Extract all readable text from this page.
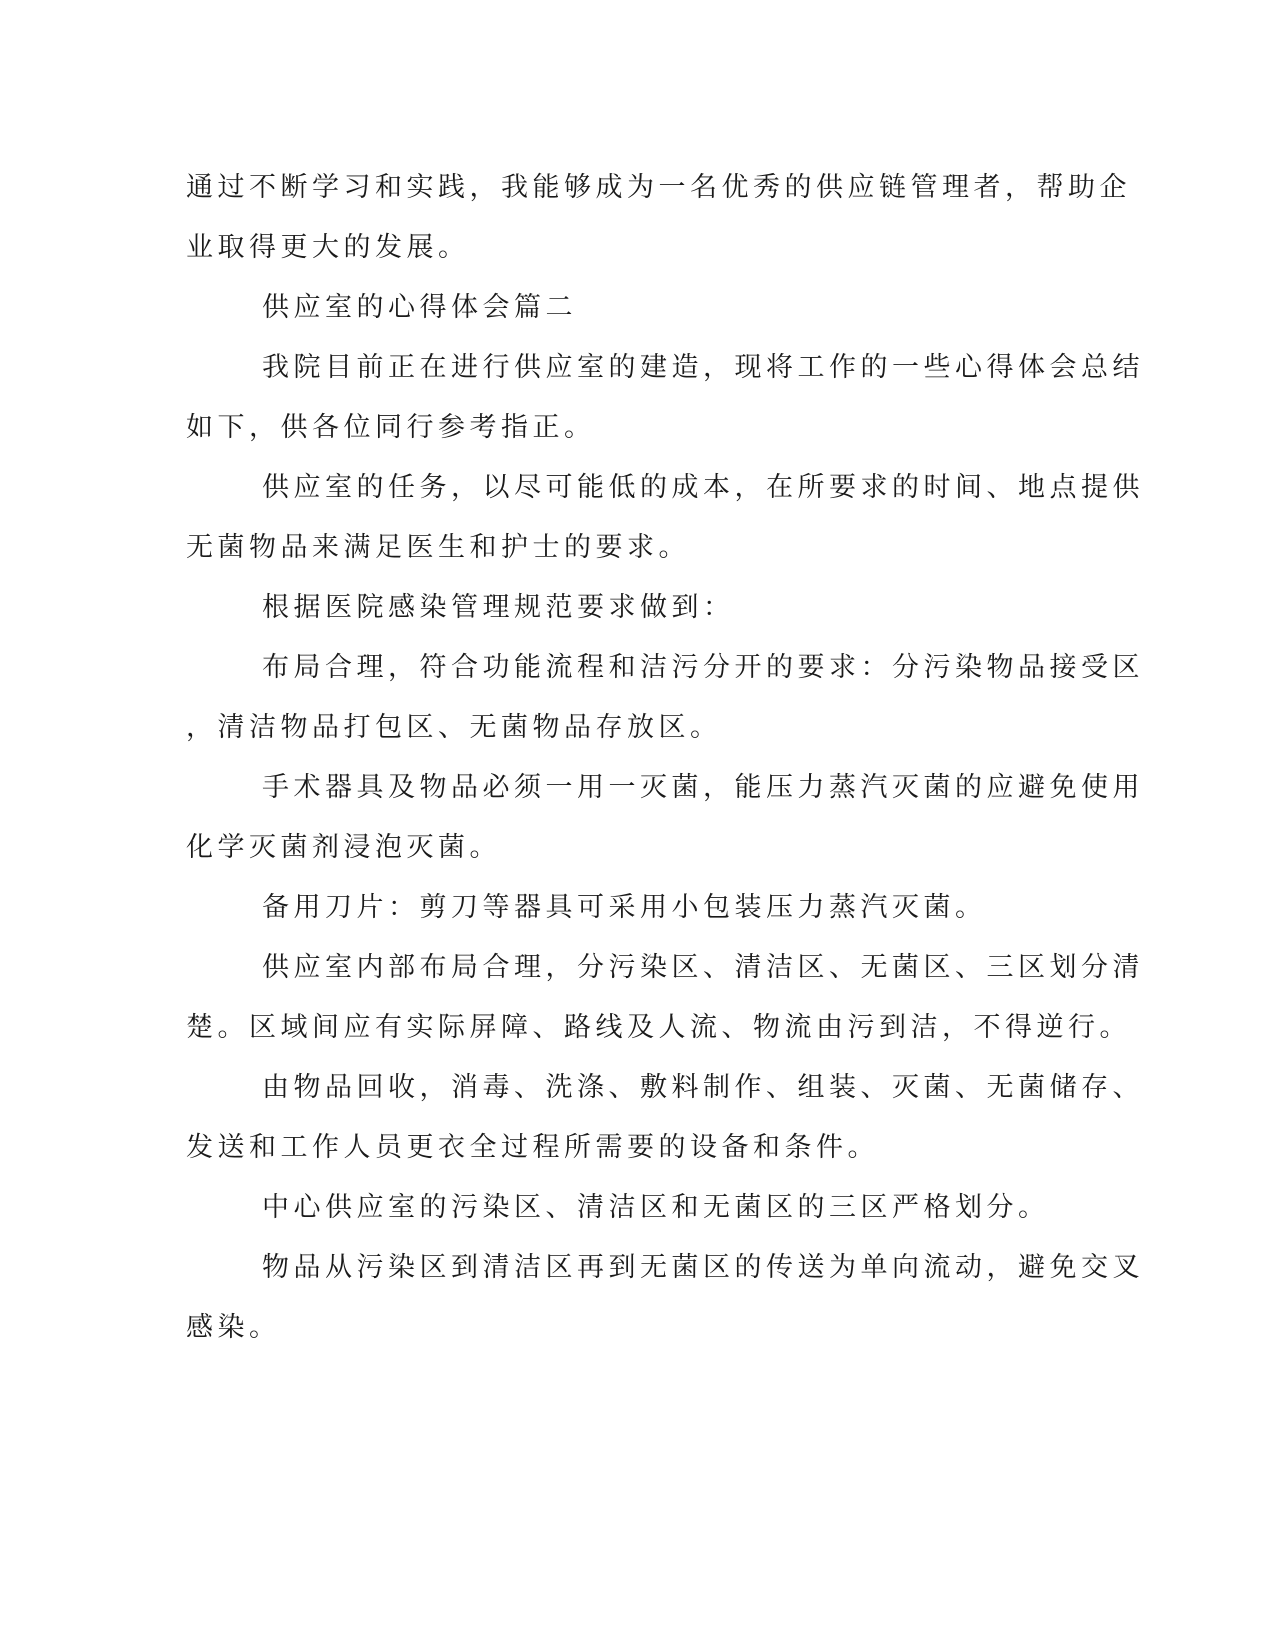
通过不断学习和实践，我能够成为一名优秀的供应链管理者，帮助企

业取得更大的发展。

供应室的心得体会篇二

我院目前正在进行供应室的建造，现将工作的一些心得体会总结

如下，供各位同行参考指正。

供应室的任务，以尽可能低的成本，在所要求的时间、地点提供

无菌物品来满足医生和护士的要求。

根据医院感染管理规范要求做到：

布局合理，符合功能流程和洁污分开的要求：分污染物品接受区

，清洁物品打包区、无菌物品存放区。

手术器具及物品必须一用一灭菌，能压力蒸汽灭菌的应避免使用

化学灭菌剂浸泡灭菌。

备用刀片：剪刀等器具可采用小包装压力蒸汽灭菌。

供应室内部布局合理，分污染区、清洁区、无菌区、三区划分清

楚。区域间应有实际屏障、路线及人流、物流由污到洁，不得逆行。

由物品回收，消毒、洗涤、敷料制作、组装、灭菌、无菌储存、

发送和工作人员更衣全过程所需要的设备和条件。

中心供应室的污染区、清洁区和无菌区的三区严格划分。

物品从污染区到清洁区再到无菌区的传送为单向流动，避免交叉

感染。
